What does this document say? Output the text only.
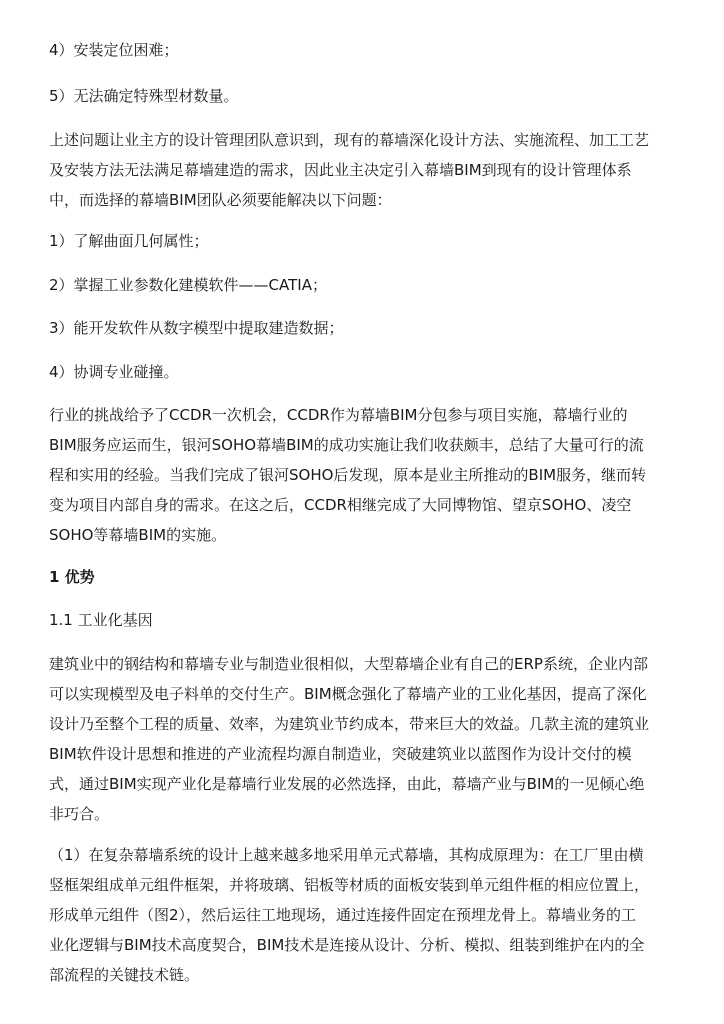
4）安装定位困难；

5）无法确定特殊型材数量。

上述问题让业主方的设计管理团队意识到，现有的幕墙深化设计方法、实施流程、加工工艺
及安装方法无法满足幕墙建造的需求，因此业主决定引入幕墙BIM到现有的设计管理体系
中，而选择的幕墙BIM团队必须要能解决以下问题：

1）了解曲面几何属性；

2）掌握工业参数化建模软件——CATIA；

3）能开发软件从数字模型中提取建造数据；

4）协调专业碰撞。

行业的挑战给予了CCDR一次机会，CCDR作为幕墙BIM分包参与项目实施，幕墙行业的
BIM服务应运而生，银河SOHO幕墙BIM的成功实施让我们收获颇丰，总结了大量可行的流
程和实用的经验。当我们完成了银河SOHO后发现，原本是业主所推动的BIM服务，继而转
变为项目内部自身的需求。在这之后，CCDR相继完成了大同博物馆、望京SOHO、凌空
SOHO等幕墙BIM的实施。

1 优势

1.1 工业化基因

建筑业中的钢结构和幕墙专业与制造业很相似，大型幕墙企业有自己的ERP系统，企业内部
可以实现模型及电子料单的交付生产。BIM概念强化了幕墙产业的工业化基因，提高了深化
设计乃至整个工程的质量、效率，为建筑业节约成本，带来巨大的效益。几款主流的建筑业
BIM软件设计思想和推进的产业流程均源自制造业，突破建筑业以蓝图作为设计交付的模
式，通过BIM实现产业化是幕墙行业发展的必然选择，由此，幕墙产业与BIM的一见倾心绝
非巧合。

（1）在复杂幕墙系统的设计上越来越多地采用单元式幕墙，其构成原理为：在工厂里由横
竖框架组成单元组件框架，并将玻璃、铝板等材质的面板安装到单元组件框的相应位置上，
形成单元组件（图2），然后运往工地现场，通过连接件固定在预埋龙骨上。幕墙业务的工
业化逻辑与BIM技术高度契合，BIM技术是连接从设计、分析、模拟、组装到维护在内的全
部流程的关键技术链。
